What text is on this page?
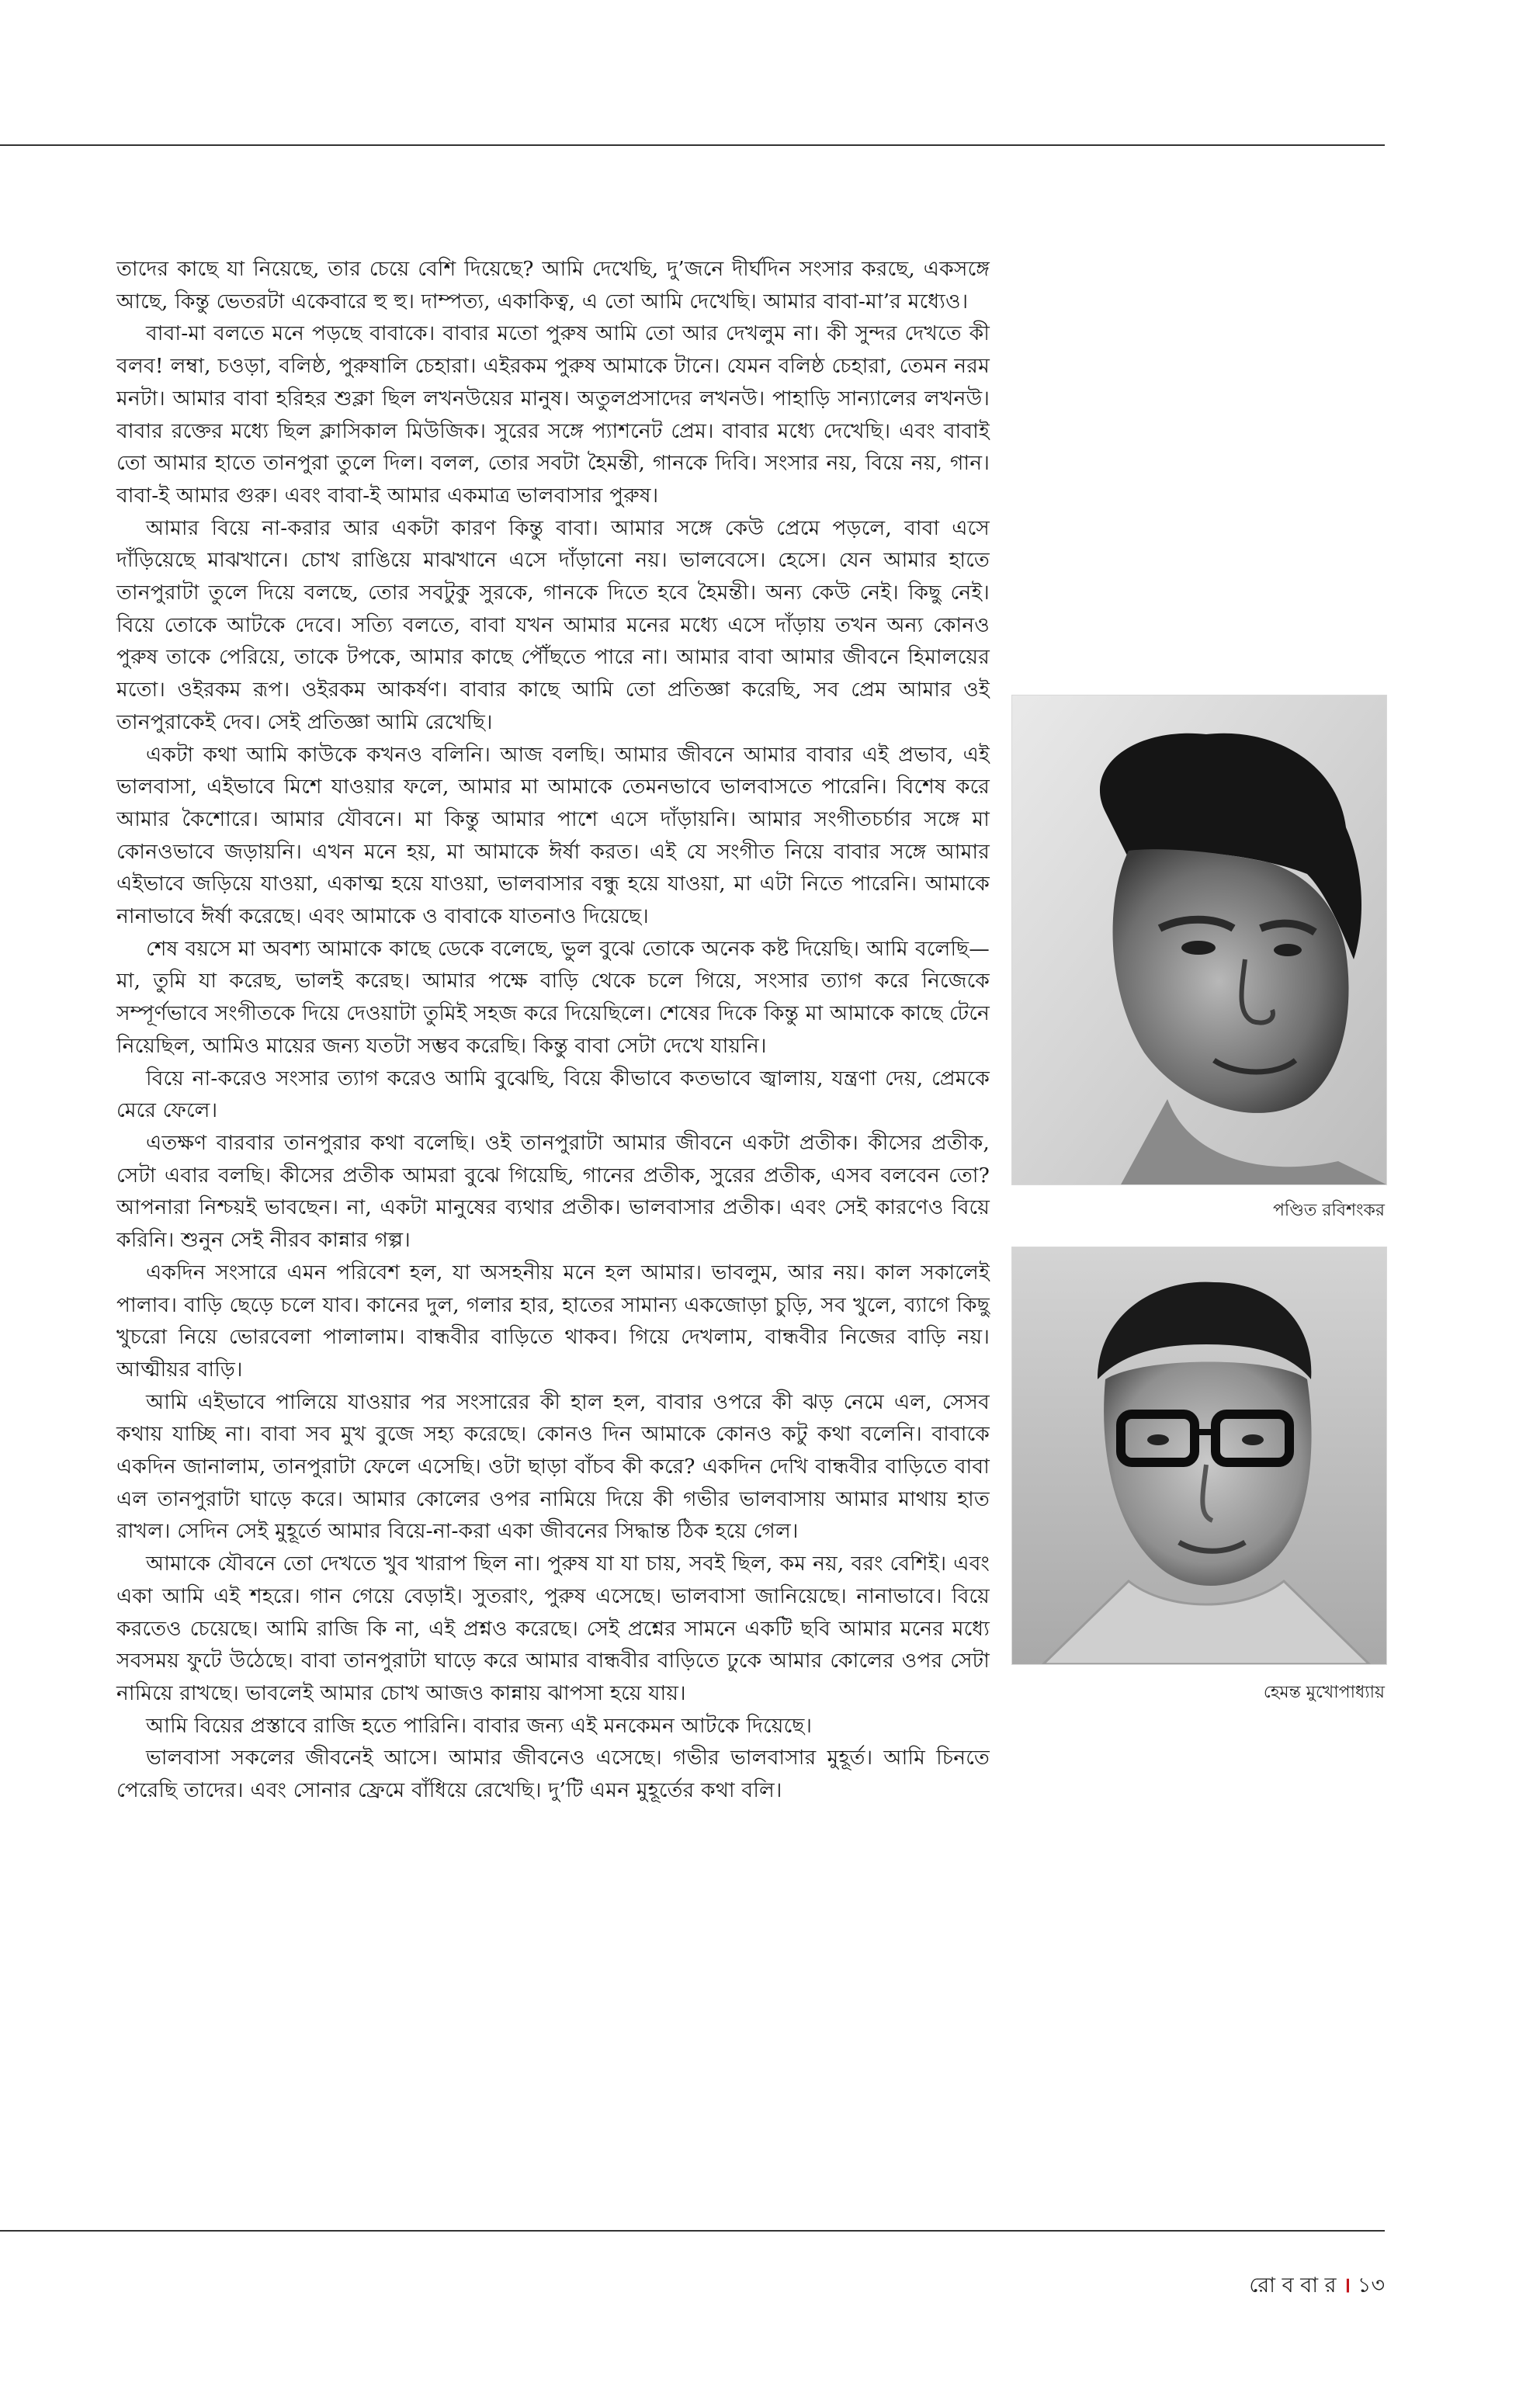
তাদের কাছে যা নিয়েছে, তার চেয়ে বেশি দিয়েছে? আমি দেখেছি, দু’জনে দীর্ঘদিন সংসার করছে, একসঙ্গে আছে, কিন্তু ভেতরটা একেবারে হু হু। দাম্পত্য, একাকিত্ব, এ তো আমি দেখেছি। আমার বাবা-মা’র মধ্যেও।

বাবা-মা বলতে মনে পড়ছে বাবাকে। বাবার মতো পুরুষ আমি তো আর দেখলুম না। কী সুন্দর দেখতে কী বলব! লম্বা, চওড়া, বলিষ্ঠ, পুরুষালি চেহারা। এইরকম পুরুষ আমাকে টানে। যেমন বলিষ্ঠ চেহারা, তেমন নরম মনটা। আমার বাবা হরিহর শুক্লা ছিল লখনউয়ের মানুষ। অতুলপ্রসাদের লখনউ। পাহাড়ি সান্যালের লখনউ। বাবার রক্তের মধ্যে ছিল ক্লাসিকাল মিউজিক। সুরের সঙ্গে প্যাশনেট প্রেম। বাবার মধ্যে দেখেছি। এবং বাবাই তো আমার হাতে তানপুরা তুলে দিল। বলল, তোর সবটা হৈমন্তী, গানকে দিবি। সংসার নয়, বিয়ে নয়, গান। বাবা-ই আমার গুরু। এবং বাবা-ই আমার একমাত্র ভালবাসার পুরুষ।

আমার বিয়ে না-করার আর একটা কারণ কিন্তু বাবা। আমার সঙ্গে কেউ প্রেমে পড়লে, বাবা এসে দাঁড়িয়েছে মাঝখানে। চোখ রাঙিয়ে মাঝখানে এসে দাঁড়ানো নয়। ভালবেসে। হেসে। যেন আমার হাতে তানপুরাটা তুলে দিয়ে বলছে, তোর সবটুকু সুরকে, গানকে দিতে হবে হৈমন্তী। অন্য কেউ নেই। কিছু নেই। বিয়ে তোকে আটকে দেবে। সত্যি বলতে, বাবা যখন আমার মনের মধ্যে এসে দাঁড়ায় তখন অন্য কোনও পুরুষ তাকে পেরিয়ে, তাকে টপকে, আমার কাছে পৌঁছতে পারে না। আমার বাবা আমার জীবনে হিমালয়ের মতো। ওইরকম রূপ। ওইরকম আকর্ষণ। বাবার কাছে আমি তো প্রতিজ্ঞা করেছি, সব প্রেম আমার ওই তানপুরাকেই দেব। সেই প্রতিজ্ঞা আমি রেখেছি।

একটা কথা আমি কাউকে কখনও বলিনি। আজ বলছি। আমার জীবনে আমার বাবার এই প্রভাব, এই ভালবাসা, এইভাবে মিশে যাওয়ার ফলে, আমার মা আমাকে তেমনভাবে ভালবাসতে পারেনি। বিশেষ করে আমার কৈশোরে। আমার যৌবনে। মা কিন্তু আমার পাশে এসে দাঁড়ায়নি। আমার সংগীতচর্চার সঙ্গে মা কোনওভাবে জড়ায়নি। এখন মনে হয়, মা আমাকে ঈর্ষা করত। এই যে সংগীত নিয়ে বাবার সঙ্গে আমার এইভাবে জড়িয়ে যাওয়া, একাত্ম হয়ে যাওয়া, ভালবাসার বন্ধু হয়ে যাওয়া, মা এটা নিতে পারেনি। আমাকে নানাভাবে ঈর্ষা করেছে। এবং আমাকে ও বাবাকে যাতনাও দিয়েছে।

শেষ বয়সে মা অবশ্য আমাকে কাছে ডেকে বলেছে, ভুল বুঝে তোকে অনেক কষ্ট দিয়েছি। আমি বলেছি— মা, তুমি যা করেছ, ভালই করেছ। আমার পক্ষে বাড়ি থেকে চলে গিয়ে, সংসার ত্যাগ করে নিজেকে সম্পূর্ণভাবে সংগীতকে দিয়ে দেওয়াটা তুমিই সহজ করে দিয়েছিলে। শেষের দিকে কিন্তু মা আমাকে কাছে টেনে নিয়েছিল, আমিও মায়ের জন্য যতটা সম্ভব করেছি। কিন্তু বাবা সেটা দেখে যায়নি।

বিয়ে না-করেও সংসার ত্যাগ করেও আমি বুঝেছি, বিয়ে কীভাবে কতভাবে জ্বালায়, যন্ত্রণা দেয়, প্রেমকে মেরে ফেলে।

এতক্ষণ বারবার তানপুরার কথা বলেছি। ওই তানপুরাটা আমার জীবনে একটা প্রতীক। কীসের প্রতীক, সেটা এবার বলছি। কীসের প্রতীক আমরা বুঝে গিয়েছি, গানের প্রতীক, সুরের প্রতীক, এসব বলবেন তো? আপনারা নিশ্চয়ই ভাবছেন। না, একটা মানুষের ব্যথার প্রতীক। ভালবাসার প্রতীক। এবং সেই কারণেও বিয়ে করিনি। শুনুন সেই নীরব কান্নার গল্প।

একদিন সংসারে এমন পরিবেশ হল, যা অসহনীয় মনে হল আমার। ভাবলুম, আর নয়। কাল সকালেই পালাব। বাড়ি ছেড়ে চলে যাব। কানের দুল, গলার হার, হাতের সামান্য একজোড়া চুড়ি, সব খুলে, ব্যাগে কিছু খুচরো নিয়ে ভোরবেলা পালালাম। বান্ধবীর বাড়িতে থাকব। গিয়ে দেখলাম, বান্ধবীর নিজের বাড়ি নয়। আত্মীয়র বাড়ি।

আমি এইভাবে পালিয়ে যাওয়ার পর সংসারের কী হাল হল, বাবার ওপরে কী ঝড় নেমে এল, সেসব কথায় যাচ্ছি না। বাবা সব মুখ বুজে সহ্য করেছে। কোনও দিন আমাকে কোনও কটু কথা বলেনি। বাবাকে একদিন জানালাম, তানপুরাটা ফেলে এসেছি। ওটা ছাড়া বাঁচব কী করে? একদিন দেখি বান্ধবীর বাড়িতে বাবা এল তানপুরাটা ঘাড়ে করে। আমার কোলের ওপর নামিয়ে দিয়ে কী গভীর ভালবাসায় আমার মাথায় হাত রাখল। সেদিন সেই মুহূর্তে আমার বিয়ে-না-করা একা জীবনের সিদ্ধান্ত ঠিক হয়ে গেল।

আমাকে যৌবনে তো দেখতে খুব খারাপ ছিল না। পুরুষ যা যা চায়, সবই ছিল, কম নয়, বরং বেশিই। এবং একা আমি এই শহরে। গান গেয়ে বেড়াই। সুতরাং, পুরুষ এসেছে। ভালবাসা জানিয়েছে। নানাভাবে। বিয়ে করতেও চেয়েছে। আমি রাজি কি না, এই প্রশ্নও করেছে। সেই প্রশ্নের সামনে একটি ছবি আমার মনের মধ্যে সবসময় ফুটে উঠেছে। বাবা তানপুরাটা ঘাড়ে করে আমার বান্ধবীর বাড়িতে ঢুকে আমার কোলের ওপর সেটা নামিয়ে রাখছে। ভাবলেই আমার চোখ আজও কান্নায় ঝাপসা হয়ে যায়।

আমি বিয়ের প্রস্তাবে রাজি হতে পারিনি। বাবার জন্য এই মনকেমন আটকে দিয়েছে।

ভালবাসা সকলের জীবনেই আসে। আমার জীবনেও এসেছে। গভীর ভালবাসার মুহূর্ত। আমি চিনতে পেরেছি তাদের। এবং সোনার ফ্রেমে বাঁধিয়ে রেখেছি। দু’টি এমন মুহূর্তের কথা বলি।

পণ্ডিত রবিশংকর
হেমন্ত মুখোপাধ্যায়
রো ব বা র । ১৩
